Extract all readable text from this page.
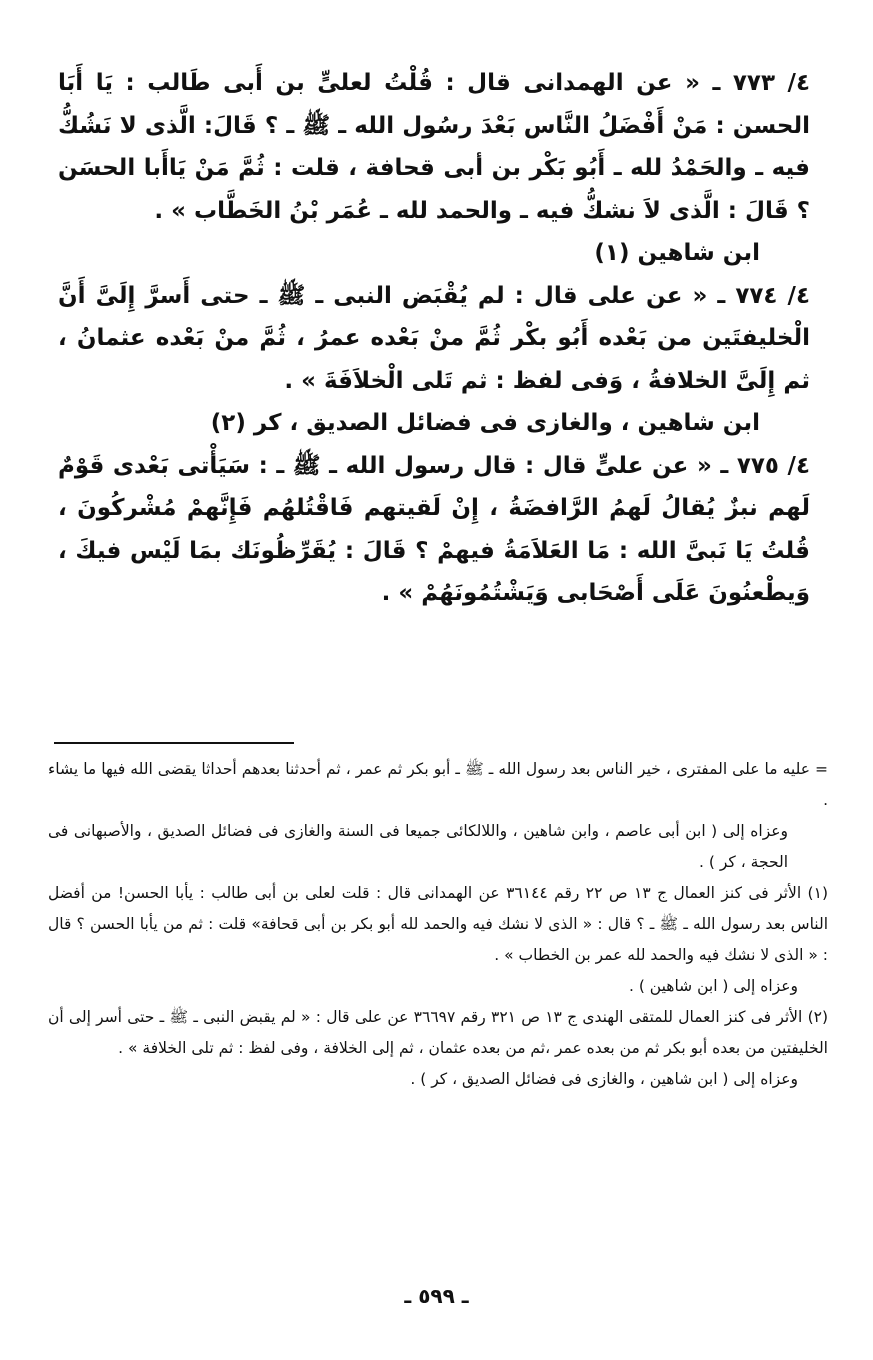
٤/ ٧٧٣ ـ « عن الهمدانى قال : قُلْتُ لعلىٍّ بن أَبى طَالب : يَا أَبَا الحسن : مَنْ أَفْضَلُ النَّاس بَعْدَ رسُول الله ـ ﷺ ـ ؟ قَالَ: الَّذى لا نَشُكُّ فيه ـ والحَمْدُ لله ـ أَبُو بَكْر بن أبى قحافة ، قلت : ثُمَّ مَنْ يَاأَبا الحسَن ؟ قَالَ : الَّذى لاَ نشكُّ فيه ـ والحمد لله ـ عُمَر بْنُ الخَطَّاب » .

ابن شاهين (١)

٤/ ٧٧٤ ـ « عن على قال : لم يُقْبَض النبى ـ ﷺ ـ حتى أَسرَّ إِلَىَّ أَنَّ الْخليفتَين من بَعْده أَبُو بكْر ثُمَّ منْ بَعْده عمرُ ، ثُمَّ منْ بَعْده عثمانُ ، ثم إِلَىَّ الخلافةُ ، وَفى لفظ : ثم تَلى الْخلاَفَةَ » .

ابن شاهين ، والغازى فى فضائل الصديق ، كر (٢)

٤/ ٧٧٥ ـ « عن علىٍّ قال : قال رسول الله ـ ﷺ ـ : سَيَأْتى بَعْدى قَوْمٌ لَهم نبزٌ يُقالُ لَهمُ الرَّافضَةُ ، إِنْ لَقيتهم فَاقْتُلهُم فَإِنَّهمْ مُشْركُونَ ، قُلتُ يَا نَبىَّ الله : مَا العَلاَمَةُ فيهمْ ؟ قَالَ : يُقَرِّظُونَك بمَا لَيْس فيكَ ، وَيطْعنُونَ عَلَى أَصْحَابى وَيَشْتُمُونَهُمْ » .

= عليه ما على المفترى ، خير الناس بعد رسول الله ـ ﷺ ـ أبو بكر ثم عمر ، ثم أحدثنا بعدهم أحداثا يقضى الله فيها ما يشاء .

وعزاه إلى ( ابن أبى عاصم ، وابن شاهين ، واللالكائى جميعا فى السنة والغازى فى فضائل الصديق ، والأصبهانى فى الحجة ، كر ) .

(١) الأثر فى كنز العمال ج ١٣ ص ٢٢ رقم ٣٦١٤٤ عن الهمدانى قال : قلت لعلى بن أبى طالب : يأبا الحسن! من أفضل الناس بعد رسول الله ـ ﷺ ـ ؟ قال : « الذى لا نشك فيه والحمد لله أبو بكر بن أبى قحافة» قلت : ثم من يأبا الحسن ؟ قال : « الذى لا نشك فيه والحمد لله عمر بن الخطاب » .

وعزاه إلى ( ابن شاهين ) .

(٢) الأثر فى كنز العمال للمتقى الهندى ج ١٣ ص ٣٢١ رقم ٣٦٦٩٧ عن على قال : « لم يقبض النبى ـ ﷺ ـ حتى أسر إلى أن الخليفتين من بعده أبو بكر ثم من بعده عمر ،ثم من بعده عثمان ، ثم إلى الخلافة ، وفى لفظ : ثم تلى الخلافة » .

وعزاه إلى ( ابن شاهين ، والغازى فى فضائل الصديق ، كر ) .

ـ ٥٩٩ ـ
